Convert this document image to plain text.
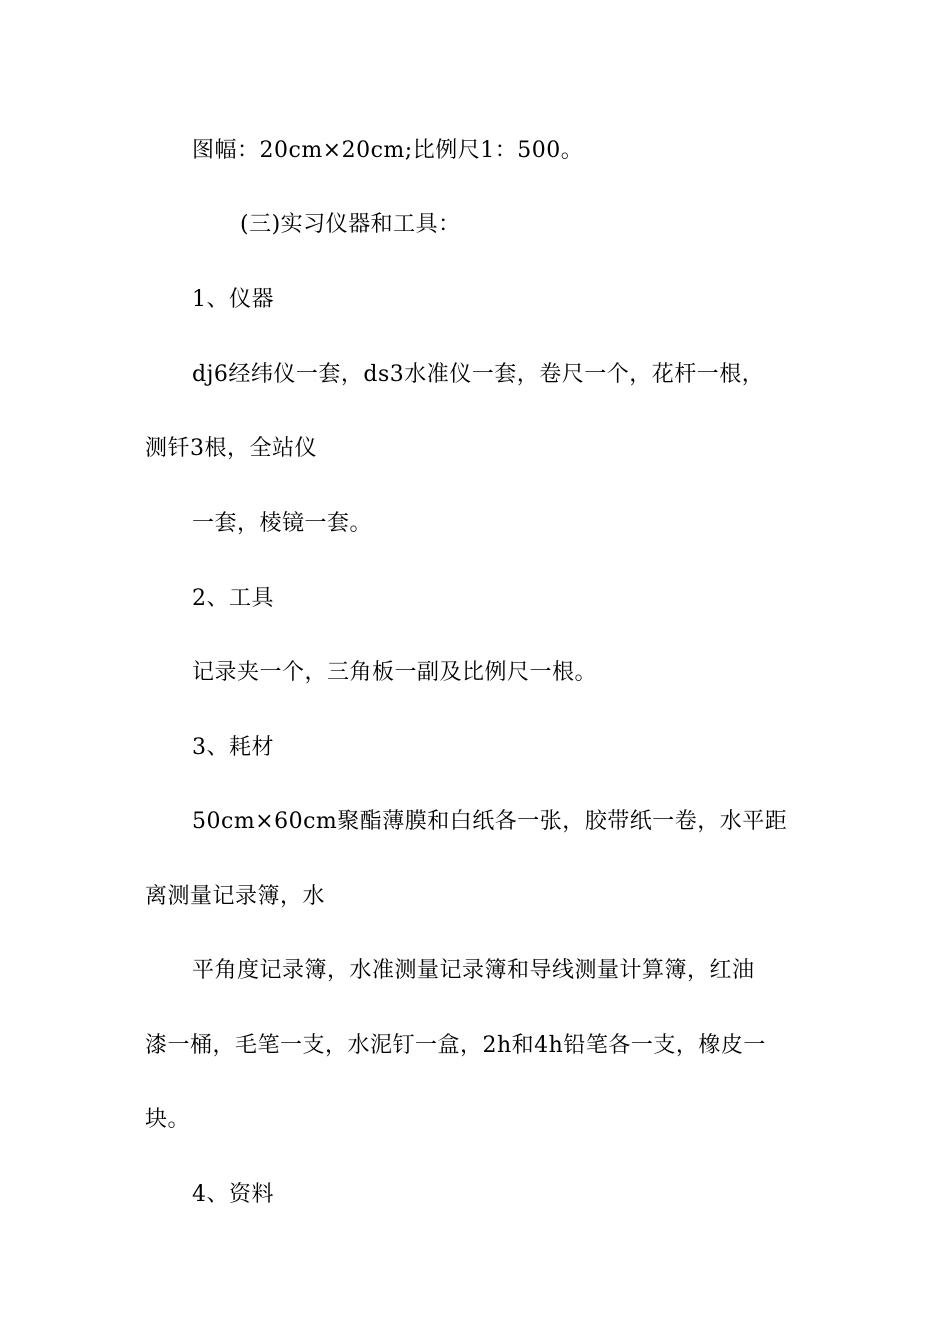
图幅：20cm×20cm;比例尺1：500。
(三)实习仪器和工具：
1、仪器
dj6经纬仪一套，ds3水准仪一套，卷尺一个，花杆一根，
测钎3根，全站仪
一套，棱镜一套。
2、工具
记录夹一个，三角板一副及比例尺一根。
3、耗材
50cm×60cm聚酯薄膜和白纸各一张，胶带纸一卷，水平距
离测量记录簿，水
平角度记录簿，水准测量记录簿和导线测量计算簿，红油
漆一桶，毛笔一支，水泥钉一盒，2h和4h铅笔各一支，橡皮一
块。
4、资料
